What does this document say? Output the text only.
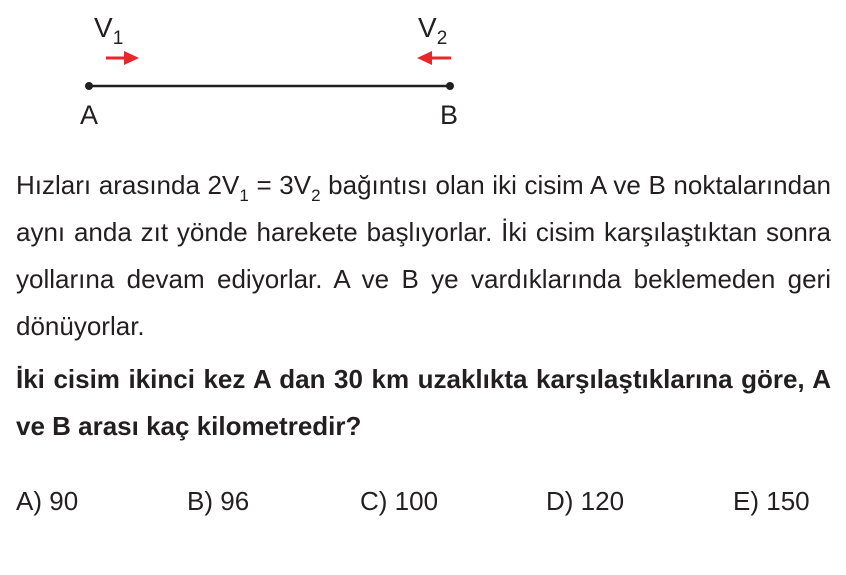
$V_1$	$V_2$
A	B

Hızları arasında $2V_1 = 3V_2$ bağıntısı olan iki cisim A ve B noktalarından aynı anda zıt yönde harekete başlıyorlar. İki cisim karşılaştıktan sonra yollarına devam ediyorlar. A ve B ye vardıklarında beklemeden geri dönüyorlar.

İki cisim ikinci kez A dan 30 km uzaklıkta karşılaştıklarına göre, A ve B arası kaç kilometredir?

A) 90	B) 96	C) 100	D) 120	E) 150
